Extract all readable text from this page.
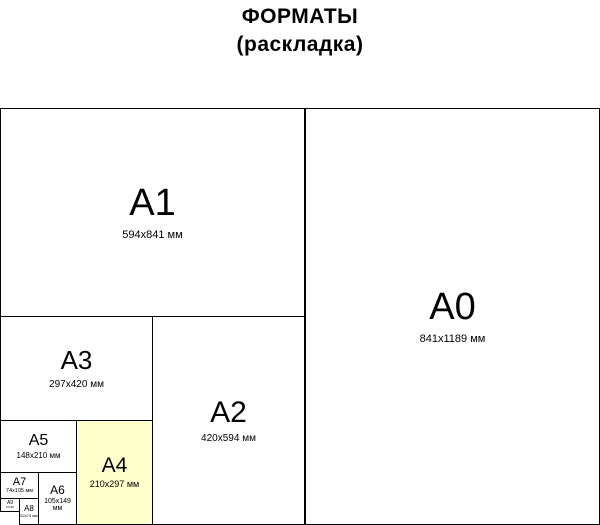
ФОРМАТЫ
(раскладка)
A0
841x1189 мм
A1
594x841 мм
A2
420x594 мм
A3
297x420 мм
A4
210x297 мм
A5
148x210 мм
A6
105x149 мм
A7
74x105 мм
A8
52x74 мм
A9
37x52
